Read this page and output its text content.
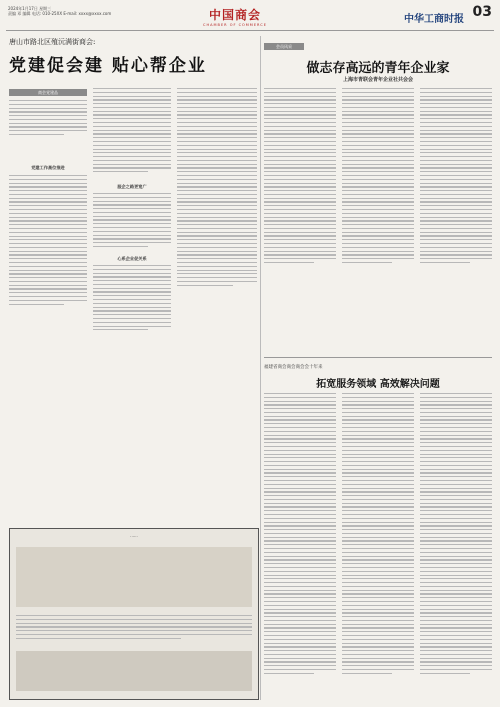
2024年1月17日 星期三
责编 邓 编辑 电话: 010-25XX E-mail: xxxx@xxxx.com	中国商会
CHAMBER OF COMMERCE	中华工商时报 03
唐山市路北区殖沅满街商会:
党建促会建 贴心帮企业
商会党建品
党建工作高位推进
服企之路更宽广
心系企业促关系
会员风采
做志存高远的青年企业家
上海市青联会青年企业社共会会
福建省商会商会商会会十年来
拓宽服务领域 高效解决问题
......
